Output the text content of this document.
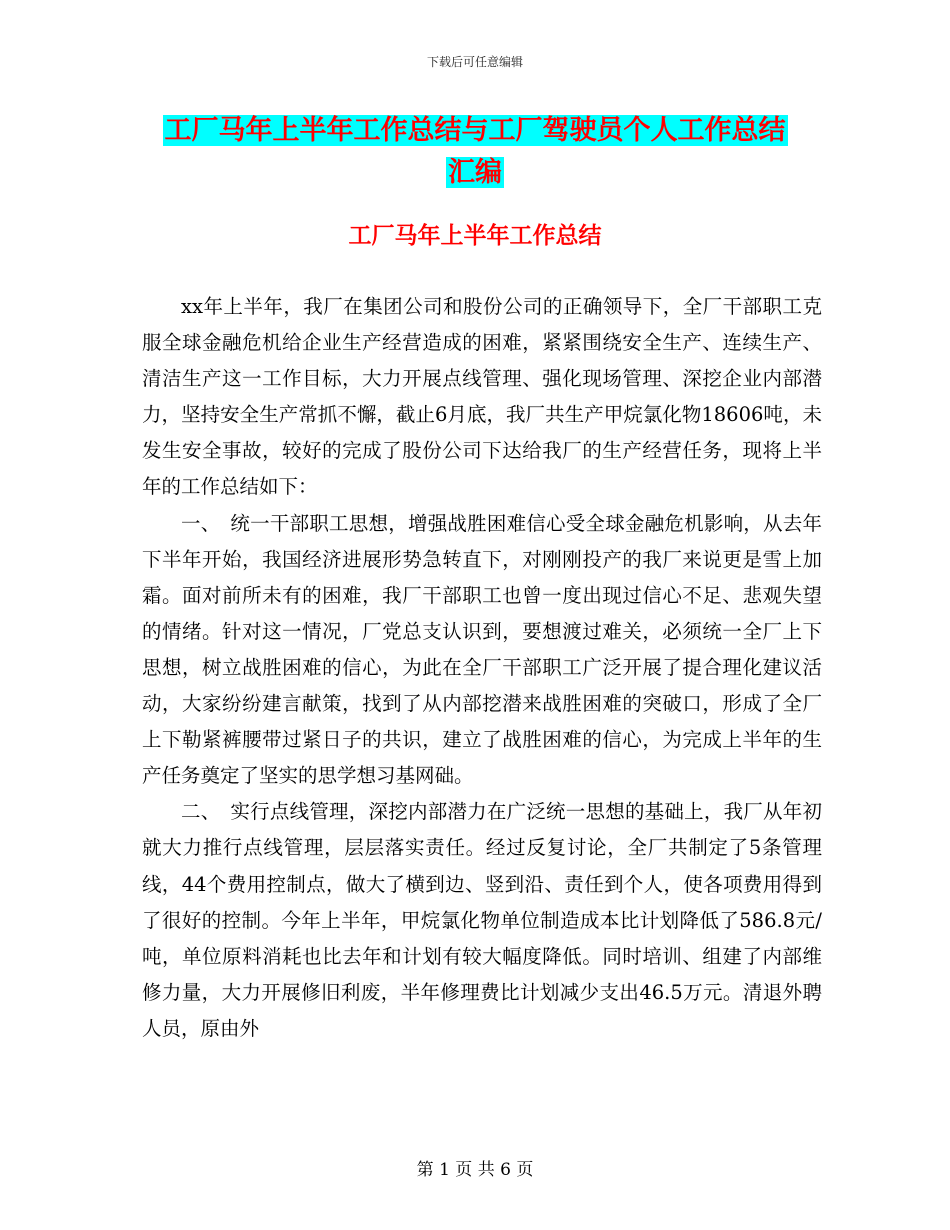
下载后可任意编辑
工厂马年上半年工作总结与工厂驾驶员个人工作总结
汇编
工厂马年上半年工作总结

xx年上半年，我厂在集团公司和股份公司的正确领导下，全厂干部职工克服全球金融危机给企业生产经营造成的困难，紧紧围绕安全生产、连续生产、清洁生产这一工作目标，大力开展点线管理、强化现场管理、深挖企业内部潜力，坚持安全生产常抓不懈，截止6月底，我厂共生产甲烷氯化物18606吨，未发生安全事故，较好的完成了股份公司下达给我厂的生产经营任务，现将上半年的工作总结如下：

一、　统一干部职工思想，增强战胜困难信心受全球金融危机影响，从去年下半年开始，我国经济进展形势急转直下，对刚刚投产的我厂来说更是雪上加霜。面对前所未有的困难，我厂干部职工也曾一度出现过信心不足、悲观失望的情绪。针对这一情况，厂党总支认识到，要想渡过难关，必须统一全厂上下思想，树立战胜困难的信心，为此在全厂干部职工广泛开展了提合理化建议活动，大家纷纷建言献策，找到了从内部挖潜来战胜困难的突破口，形成了全厂上下勒紧裤腰带过紧日子的共识，建立了战胜困难的信心，为完成上半年的生产任务奠定了坚实的思学想习基网础。

二、　实行点线管理，深挖内部潜力在广泛统一思想的基础上，我厂从年初就大力推行点线管理，层层落实责任。经过反复讨论，全厂共制定了5条管理线，44个费用控制点，做大了横到边、竖到沿、责任到个人，使各项费用得到了很好的控制。今年上半年，甲烷氯化物单位制造成本比计划降低了586.8元/吨，单位原料消耗也比去年和计划有较大幅度降低。同时培训、组建了内部维修力量，大力开展修旧利废，半年修理费比计划减少支出46.5万元。清退外聘人员，原由外

第 1 页 共 6 页
